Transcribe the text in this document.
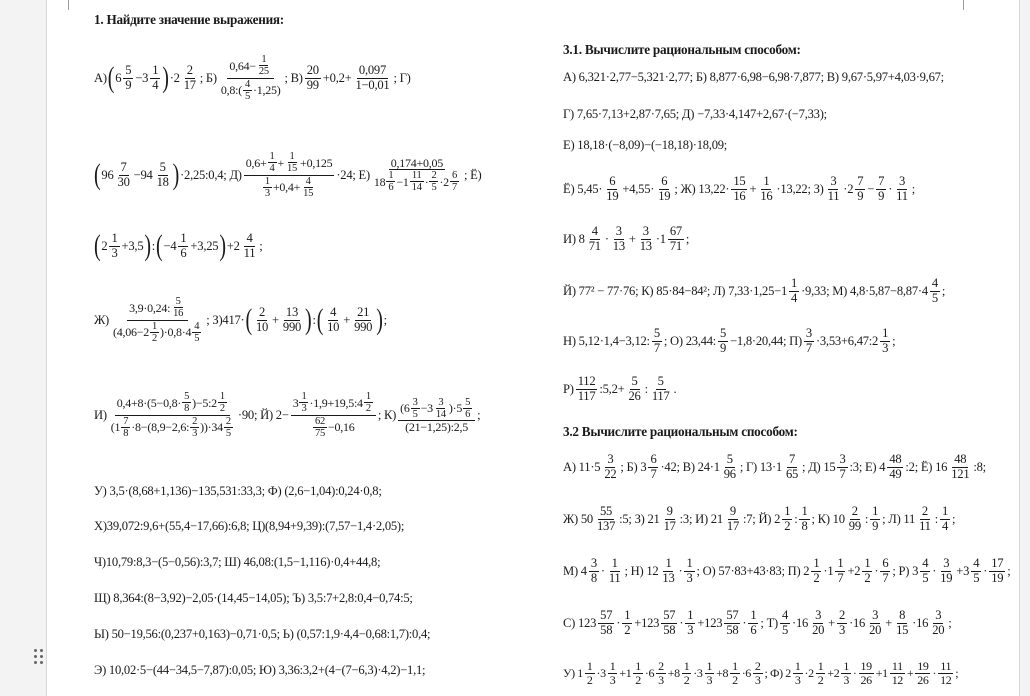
1. Найдите значение выражения:
А) ( 6
5
9 −3
1
4 ) ·2
2
17 ; Б)
$0,64- \frac{1}{25}$
0,8: ( 4
5 ·1,25 )
; В)
20
$99 +0,2+ \frac{0,097}{1-0,01}$ ; Г)
( 96
7
30 −94
5
18 ) ·2,25:0,4; Д)
$0,6+ \frac{1}{4} + \frac{1}{15} +0,125$
1
$3 +0,4+ \frac{4}{15}$
·24; Е)
0,174+0,05
18 1
6 −1 11
14 · 2
5 ·2 6
7
; Ё)
( 2
1
3 +3,5 ) : ( −4
1
6 +3,25 ) +2
4
11 ;
Ж)
3,9·0,24: 5
16
( 4,06−2 1
2 ) ·0,8·4 4
5
; З)417· ( 2
$10 + \frac{13}{990}$ ) : ( 4
$10 + \frac{21}{990}$ ) ;
И)
0,4+8· ( 5−0,8· 5
8 ) −5:2 1
2
( 1 7
8 ·8− ( 8,9−2,6: 2
3 )) ·34 2
5
·90; Й) 2− 3 1
3 ·1,9+19,5:4 1
2
62
75 −0,16 ; К) ( 6 3
5 −3 3
14 ) ·5 5
6
(21−1,25):2,5
;
У) 3,5·(8,68+1,136)−135,531:33,3; Ф) (2,6−1,04):0,24·0,8;
Х)39,072:9,6+(55,4−17,66):6,8; Ц)(8,94+9,39):(7,57−1,4·2,05);
Ч)10,79:8,3−(5−0,56):3,7; Ш) 46,08:(1,5−1,116)·0,4+44,8;
Щ) 8,364:(8−3,92)−2,05·(14,45−14,05); Ъ) 3,5:7+2,8:0,4−0,74:5;
Ы) 50−19,56:(0,237+0,163)−0,71·0,5; Ь) (0,57:1,9·4,4−0,68:1,7):0,4;
Э) 10,02·5−(44−34,5−7,87):0,05; Ю) 3,36:3,2+(4−(7−6,3)·4,2)−1,1;
3.1. Вычислите рациональным способом:
А) 6,321·2,77−5,321·2,77; Б) 8,877·6,98−6,98·7,877; В) 9,67·5,97+4,03·9,67;
Г) 7,65·7,13+2,87·7,65; Д) −7,33·4,147+2,67·(−7,33);
Е) 18,18·(−8,09)−(−18,18)·18,09;
Ё) 5,45·
6
19 +4,55·
6
19 ; Ж) 13,22·
15
$16 + \frac{1}{16} \cdot 13,22$; З)
3
11 ·2
7
$9 - \frac{7}{9}$ ·
3
11 ;
И) 8
4
71 ·
3
$13 + \frac{3}{13} \cdot 1$
67
71 ;
Й) 77² − 77·76; К) 85·84−84²; Л) 7,33·1,25−1
1
4 ·9,33; М) 4,8·5,87−8,87·4
4
5 ;
Н) 5,12·1,4−3,12:
5
7 ; О) 23,44:
5
9 −1,8·20,44; П)
3
7 ·3,53+6,47:2
1
3 ;
Р)
112
117 :5,2+ $\frac{5}{26}$ :
5
117 .
3.2 Вычислите рациональным способом:
А) 11·5
3
22 ; Б) 3
6
7 ·42; В) 24·1
5
96 ; Г) 13·1
7
65 ; Д) 15
3
7 :3; Е) 4
48
49 :2; Ё) 16
48
121 :8;
Ж) 50
55
137 :5; З) 21
9
17 :3; И) 21
9
17 :7; Й) 2
1
2 :
1
8 ; К) 10
2
99 :
1
9 ; Л) 11
2
11 :
1
4 ;
М) 4
3
8 ·
1
11 ; Н) 12
1
13 ·
1
3 ; О) 57·83+43·83; П) 2
1
2 ·1
1
7 +2
1
2 ·
6
7 ; Р) 3
4
5 ·
3
19 +3
4
5 ·
17
19 ;
С) 123
57
58 ·
1
2 +123
57
58 ·
1
3 +123
57
58 ·
1
6 ; Т)
4
5 ·16
3
$20 + \frac{2}{3} \cdot 16$
3
$20 + \frac{8}{15} \cdot 16$
3
20 ;
У) 1 1
2 ·3 1
3 +1 1
2 ·6 2
3 +8 1
2 ·3 1
3 +8 1
2 ·6 2
3 ; Ф) 2 1
3 ·2 1
2 +2 1
3 · 19
26 +1 11
$12 + \frac{19}{26} \cdot 11$
12 ;
